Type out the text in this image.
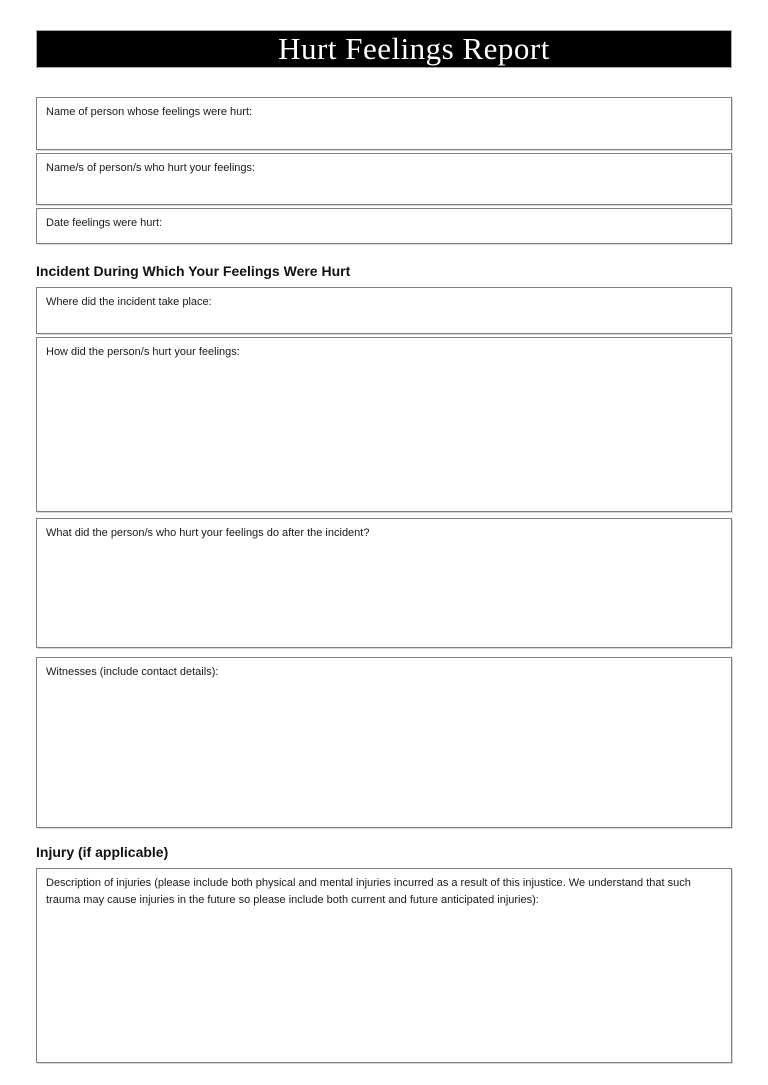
Hurt Feelings Report
Name of person whose feelings were hurt:
Name/s of person/s who hurt your feelings:
Date feelings were hurt:
Incident During Which Your Feelings Were Hurt
Where did the incident take place:
How did the person/s hurt your feelings:
What did the person/s who hurt your feelings do after the incident?
Witnesses (include contact details):
Injury (if applicable)
Description of injuries (please include both physical and mental injuries incurred as a result of this injustice. We understand that such trauma may cause injuries in the future so please include both current and future anticipated injuries):
